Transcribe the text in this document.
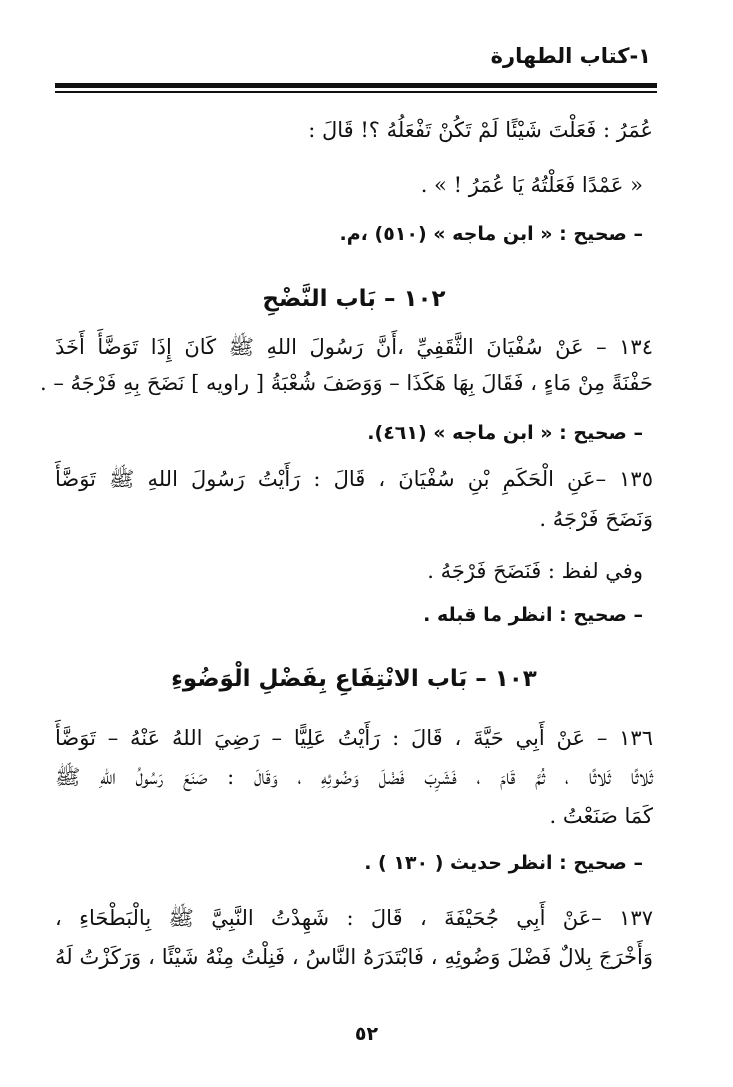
١-كتاب الطهارة
عُمَرُ : فَعَلْتَ شَيْئًا لَمْ تَكُنْ تَفْعَلُهُ ؟! قَالَ :
« عَمْدًا فَعَلْتُهُ يَا عُمَرُ ! » .
– صحيح : « ابن ماجه » (٥١٠) ،م.
١٠٢ – بَاب النَّضْحِ
١٣٤ – عَنْ سُفْيَانَ الثَّقَفِيِّ ،أَنَّ رَسُولَ اللهِ ﷺ كَانَ إِذَا تَوَضَّأَ أَخَذَ
حَفْنَةً مِنْ مَاءٍ ، فَقَالَ بِهَا هَكَذَا – وَوَصَفَ شُعْبَةُ [ راويه ] نَضَحَ بِهِ فَرْجَهُ – .
– صحيح : « ابن ماجه » (٤٦١).
١٣٥ –عَنِ الْحَكَمِ بْنِ سُفْيَانَ ، قَالَ : رَأَيْتُ رَسُولَ اللهِ ﷺ تَوَضَّأَ
وَنَضَحَ فَرْجَهُ .
وفي لفظ : فَنَضَحَ فَرْجَهُ .
– صحيح : انظر ما قبله .
١٠٣ – بَاب الانْتِفَاعِ بِفَضْلِ الْوَضُوءِ
١٣٦ – عَنْ أَبِي حَيَّةَ ، قَالَ : رَأَيْتُ عَلِيًّا – رَضِيَ اللهُ عَنْهُ – تَوَضَّأَ
ثَلاثًا ثَلاثًا ، ثُمَّ قَامَ ، فَشَرِبَ فَضْلَ وَضُوئِهِ ، وَقَالَ : صَنَعَ رَسُولُ اللهِ ﷺ
كَمَا صَنَعْتُ .
– صحيح : انظر حديث ( ١٣٠ ) .
١٣٧ –عَنْ أَبِي جُحَيْفَةَ ، قَالَ : شَهِدْتُ النَّبِيَّ ﷺ بِالْبَطْحَاءِ ،
وَأَخْرَجَ بِلالٌ فَضْلَ وَضُوئِهِ ، فَابْتَدَرَهُ النَّاسُ ، فَنِلْتُ مِنْهُ شَيْئًا ، وَرَكَزْتُ لَهُ
٥٢
